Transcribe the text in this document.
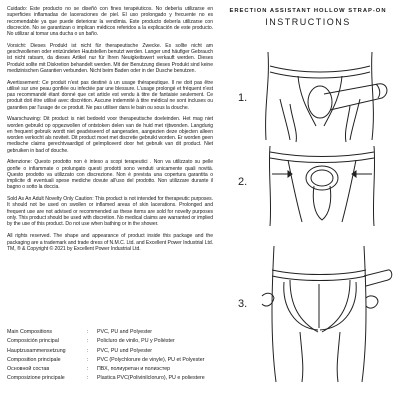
Cuidado: Este producto no se diseñó con fines terapéuticos. No debería utilizarse en superficies inflamadas de laceraciones de piel. El uso prolongado y frecuente no es recomendable ya que puede deteriorar la vendimia. Este producto debería utilizarse con discreción. No se garantizan o implican médicos referidos a la explicación de este producto. No utilizar al tomar una ducha o un baño.

Vorsicht: Dieses Produkt ist nicht für therapeutische Zwecke. Es sollte nicht am geschwollenen oder entzündeten Hautstellen benutzt werden. Langer und häufiger Gebrauch ist nicht ratsam, da dieses Artikel nur für Ihren Neuigkeitswert verkauft werden. Dieses Produkt sollte mit Diskretion behandelt werden. Mit der Benutzung dieses Produkt sind keine medizinischen Garantien verbunden. Nicht beim Baden oder in der Dusche benutzen.

Avertissement: Ce produit n'est pas destiné à un usage thérapeutique. Il ne doit pas être utilisé sur une peau gonflée ou infectée par une blessure. L'usage prolongé et fréquent n'est pas recommandé étant donné que cet article est vendu à titre de fantaisie seulement. Ce produit doit être utilisé avec discrétion. Aucune indemnité à titre médical ne sont incluses ou garanties par l'usage de ce produit. Ne pas utiliser dans le bain ou sous la douche.

Waarschuwing: Dit product is niet bedoeld voor therapeutische doeleinden. Het mag niet worden gebruikt op opgezwollen of ontstoken delen van de huid met rijtwonden. Langdurig en frequent gebruik wordt niet geadviseerd of aangeraden, aangezien deze objecten alleen worden verkocht als noviteit. Dit product moet met discretie gebruikt worden. Er worden geen medische claims gerechtvaardigd of geïmpliceerd door het gebruik van dit product. Niet gebruiken in bad of douche.

Attenzione: Questo prodotto non è inteso a scopi terapeutici . Non va utilizzato su pelle gonfie o infiammate o prolungato questi prodotti sono venduti unicamente quali novità. Questo prodotto va utilizzato con discrezione. Non è prevista una copertura garantita o implicite di eventuali spese mediche dovute all'uso del prodotto. Non utilizzare durante il bagno o sotto la doccia.

Sold As An Adult Novelty Only Caution: This product is not intended for therapeutic purposes. It should not be used on swollen or inflamed areas of skin lacerations. Prolonged and frequent use are not advised or recommended as these items are sold for novelty purposes only. This product should be used with discretion. No medical claims are warranted or implied by the use of this product. Do not use when bathing or in the shower.

All rights reserved. The shape and appearance of product inside this package and the packaging are a trademark and trade dress of N.M.C. Ltd. and Excellent Power Industrial Ltd. TM, ® & Copyright © 2021 by Excellent Power Industrial Ltd.

Main Compositions	:	PVC, PU and Polyester
Composición principal	:	Policluro de vinilo, PU y Poliéster
Hauptzusammensetzung	:	PVC, PU und Polyester
Composition principale	:	PVC (Polychlorure de vinyle), PU et Polyester
Основной состав	:	ПВХ, полиуретан и полиэстер
Composizione principale	:	Plastica PVC(Polivinilcloruro), PU e poliestere
ERECTION ASSISTANT HOLLOW STRAP-ON
INSTRUCTIONS
1.
2.
3.
